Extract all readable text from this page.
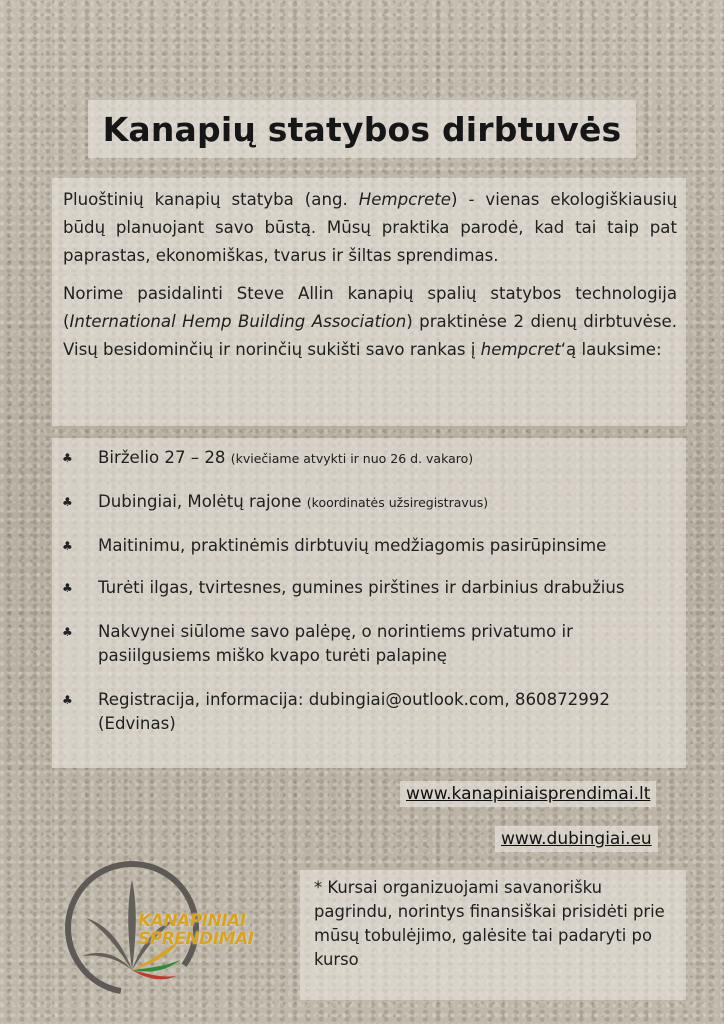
Kanapių statybos dirbtuvės

Pluoštinių kanapių statyba (ang. Hempcrete) - vienas ekologiškiausių būdų planuojant savo būstą. Mūsų praktika parodė, kad tai taip pat paprastas, ekonomiškas, tvarus ir šiltas sprendimas.

Norime pasidalinti Steve Allin kanapių spalių statybos technologija (International Hemp Building Association) praktinėse 2 dienų dirbtuvėse. Visų besidominčių ir norinčių sukišti savo rankas į hempcret‘ą lauksime:

♣ Birželio 27 – 28 (kviečiame atvykti ir nuo 26 d. vakaro)
♣ Dubingiai, Molėtų rajone (koordinatės užsiregistravus)
♣ Maitinimu, praktinėmis dirbtuvių medžiagomis pasirūpinsime
♣ Turėti ilgas, tvirtesnes, gumines pirštines ir darbinius drabužius
♣ Nakvynei siūlome savo palėpę, o norintiems privatumo ir pasiilgusiems miško kvapo turėti palapinę
♣ Registracija, informacija: dubingiai@outlook.com, 860872992 (Edvinas)
www.kanapiniaisprendimai.lt
www.dubingiai.eu
* Kursai organizuojami savanorišku pagrindu, norintys finansiškai prisidėti prie mūsų tobulėjimo, galėsite tai padaryti po kurso
KANAPINIAI
SPRENDIMAI
